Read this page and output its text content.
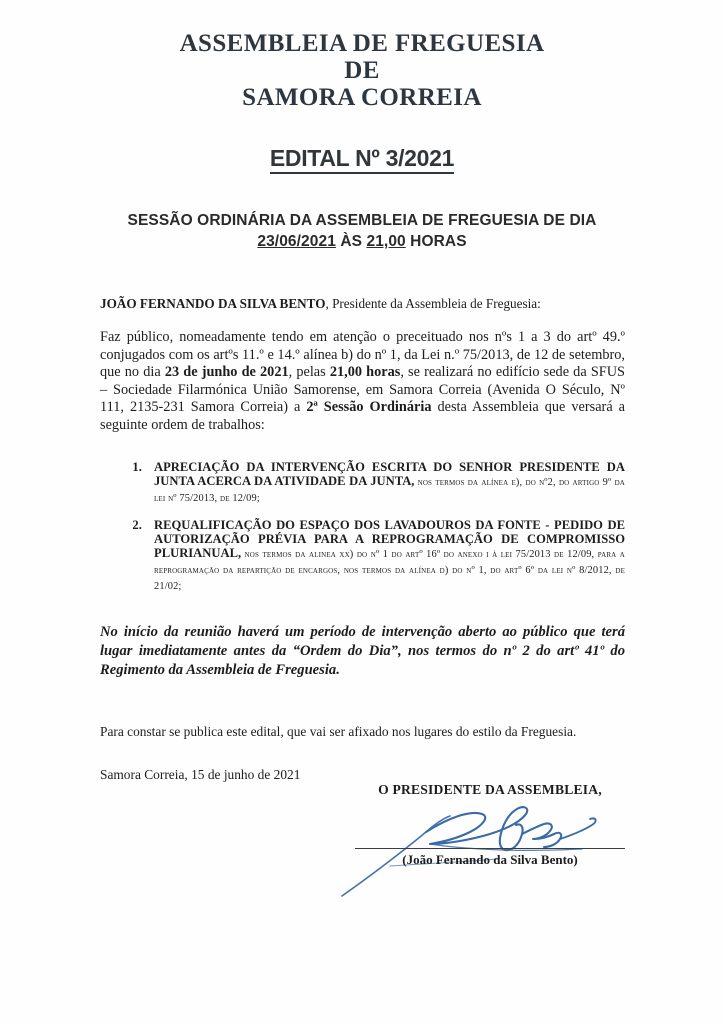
ASSEMBLEIA DE FREGUESIA
DE
SAMORA CORREIA
EDITAL Nº 3/2021
SESSÃO ORDINÁRIA DA ASSEMBLEIA DE FREGUESIA DE DIA
23/06/2021 ÀS 21,00 HORAS
JOÃO FERNANDO DA SILVA BENTO, Presidente da Assembleia de Freguesia:
Faz público, nomeadamente tendo em atenção o preceituado nos nºs 1 a 3 do artº 49.º conjugados com os artºs 11.º e 14.º alínea b) do nº 1, da Lei n.º 75/2013, de 12 de setembro, que no dia 23 de junho de 2021, pelas 21,00 horas, se realizará no edifício sede da SFUS – Sociedade Filarmónica União Samorense, em Samora Correia (Avenida O Século, Nº 111, 2135-231 Samora Correia) a 2ª Sessão Ordinária desta Assembleia que versará a seguinte ordem de trabalhos:
1. APRECIAÇÃO DA INTERVENÇÃO ESCRITA DO SENHOR PRESIDENTE DA JUNTA ACERCA DA ATIVIDADE DA JUNTA, nos termos da alínea e), do nº2, do artigo 9º da lei nº 75/2013, de 12/09;
2. REQUALIFICAÇÃO DO ESPAÇO DOS LAVADOUROS DA FONTE - PEDIDO DE AUTORIZAÇÃO PRÉVIA PARA A REPROGRAMAÇÃO DE COMPROMISSO PLURIANUAL, nos termos da alinea xx) do nº 1 do artº 16º do anexo i à lei 75/2013 de 12/09, para a reprogramação da repartição de encargos, nos termos da alínea d) do nº 1, do artº 6º da lei nº 8/2012, de 21/02;
No início da reunião haverá um período de intervenção aberto ao público que terá lugar imediatamente antes da “Ordem do Dia”, nos termos do nº 2 do artº 41º do Regimento da Assembleia de Freguesia.
Para constar se publica este edital, que vai ser afixado nos lugares do estilo da Freguesia.
Samora Correia, 15 de junho de 2021
O PRESIDENTE DA ASSEMBLEIA,
(João Fernando da Silva Bento)
